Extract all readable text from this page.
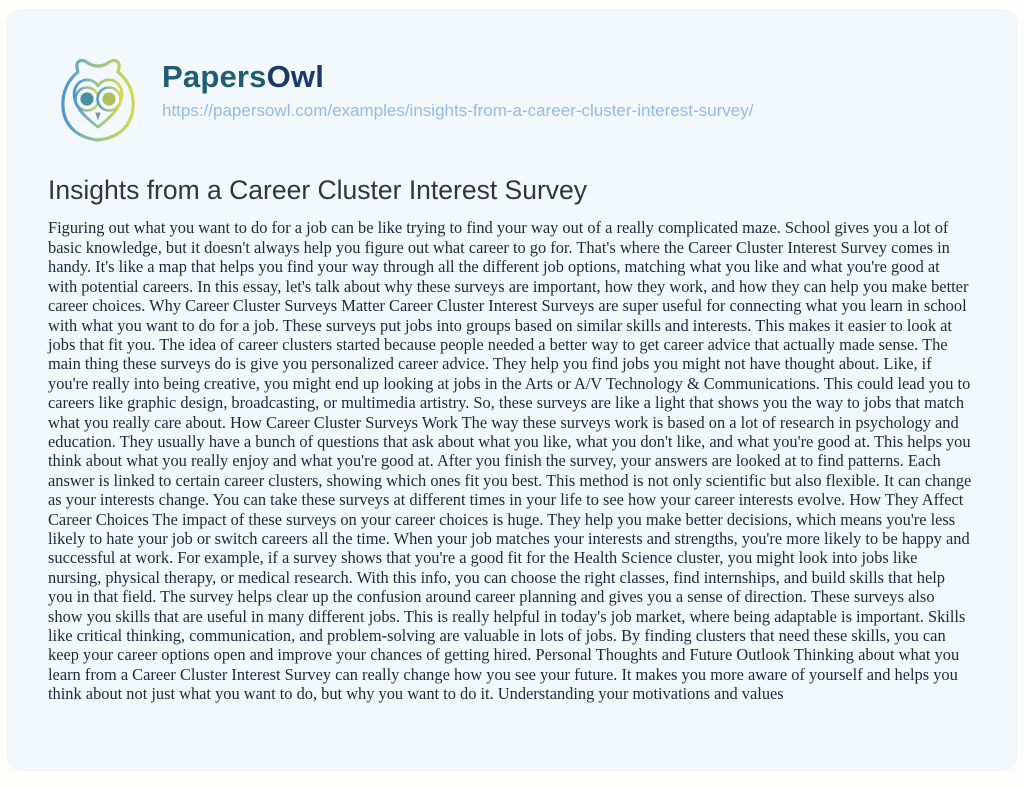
PapersOwl
https://papersowl.com/examples/insights-from-a-career-cluster-interest-survey/
Insights from a Career Cluster Interest Survey

Figuring out what you want to do for a job can be like trying to find your way out of a really complicated maze. School gives you a lot of basic knowledge, but it doesn't always help you figure out what career to go for. That's where the Career Cluster Interest Survey comes in handy. It's like a map that helps you find your way through all the different job options, matching what you like and what you're good at with potential careers. In this essay, let's talk about why these surveys are important, how they work, and how they can help you make better career choices. Why Career Cluster Surveys Matter Career Cluster Interest Surveys are super useful for connecting what you learn in school with what you want to do for a job. These surveys put jobs into groups based on similar skills and interests. This makes it easier to look at jobs that fit you. The idea of career clusters started because people needed a better way to get career advice that actually made sense. The main thing these surveys do is give you personalized career advice. They help you find jobs you might not have thought about. Like, if you're really into being creative, you might end up looking at jobs in the Arts or A/V Technology & Communications. This could lead you to careers like graphic design, broadcasting, or multimedia artistry. So, these surveys are like a light that shows you the way to jobs that match what you really care about. How Career Cluster Surveys Work The way these surveys work is based on a lot of research in psychology and education. They usually have a bunch of questions that ask about what you like, what you don't like, and what you're good at. This helps you think about what you really enjoy and what you're good at. After you finish the survey, your answers are looked at to find patterns. Each answer is linked to certain career clusters, showing which ones fit you best. This method is not only scientific but also flexible. It can change as your interests change. You can take these surveys at different times in your life to see how your career interests evolve. How They Affect Career Choices The impact of these surveys on your career choices is huge. They help you make better decisions, which means you're less likely to hate your job or switch careers all the time. When your job matches your interests and strengths, you're more likely to be happy and successful at work. For example, if a survey shows that you're a good fit for the Health Science cluster, you might look into jobs like nursing, physical therapy, or medical research. With this info, you can choose the right classes, find internships, and build skills that help you in that field. The survey helps clear up the confusion around career planning and gives you a sense of direction. These surveys also show you skills that are useful in many different jobs. This is really helpful in today's job market, where being adaptable is important. Skills like critical thinking, communication, and problem-solving are valuable in lots of jobs. By finding clusters that need these skills, you can keep your career options open and improve your chances of getting hired. Personal Thoughts and Future Outlook Thinking about what you learn from a Career Cluster Interest Survey can really change how you see your future. It makes you more aware of yourself and helps you think about not just what you want to do, but why you want to do it. Understanding your motivations and values
